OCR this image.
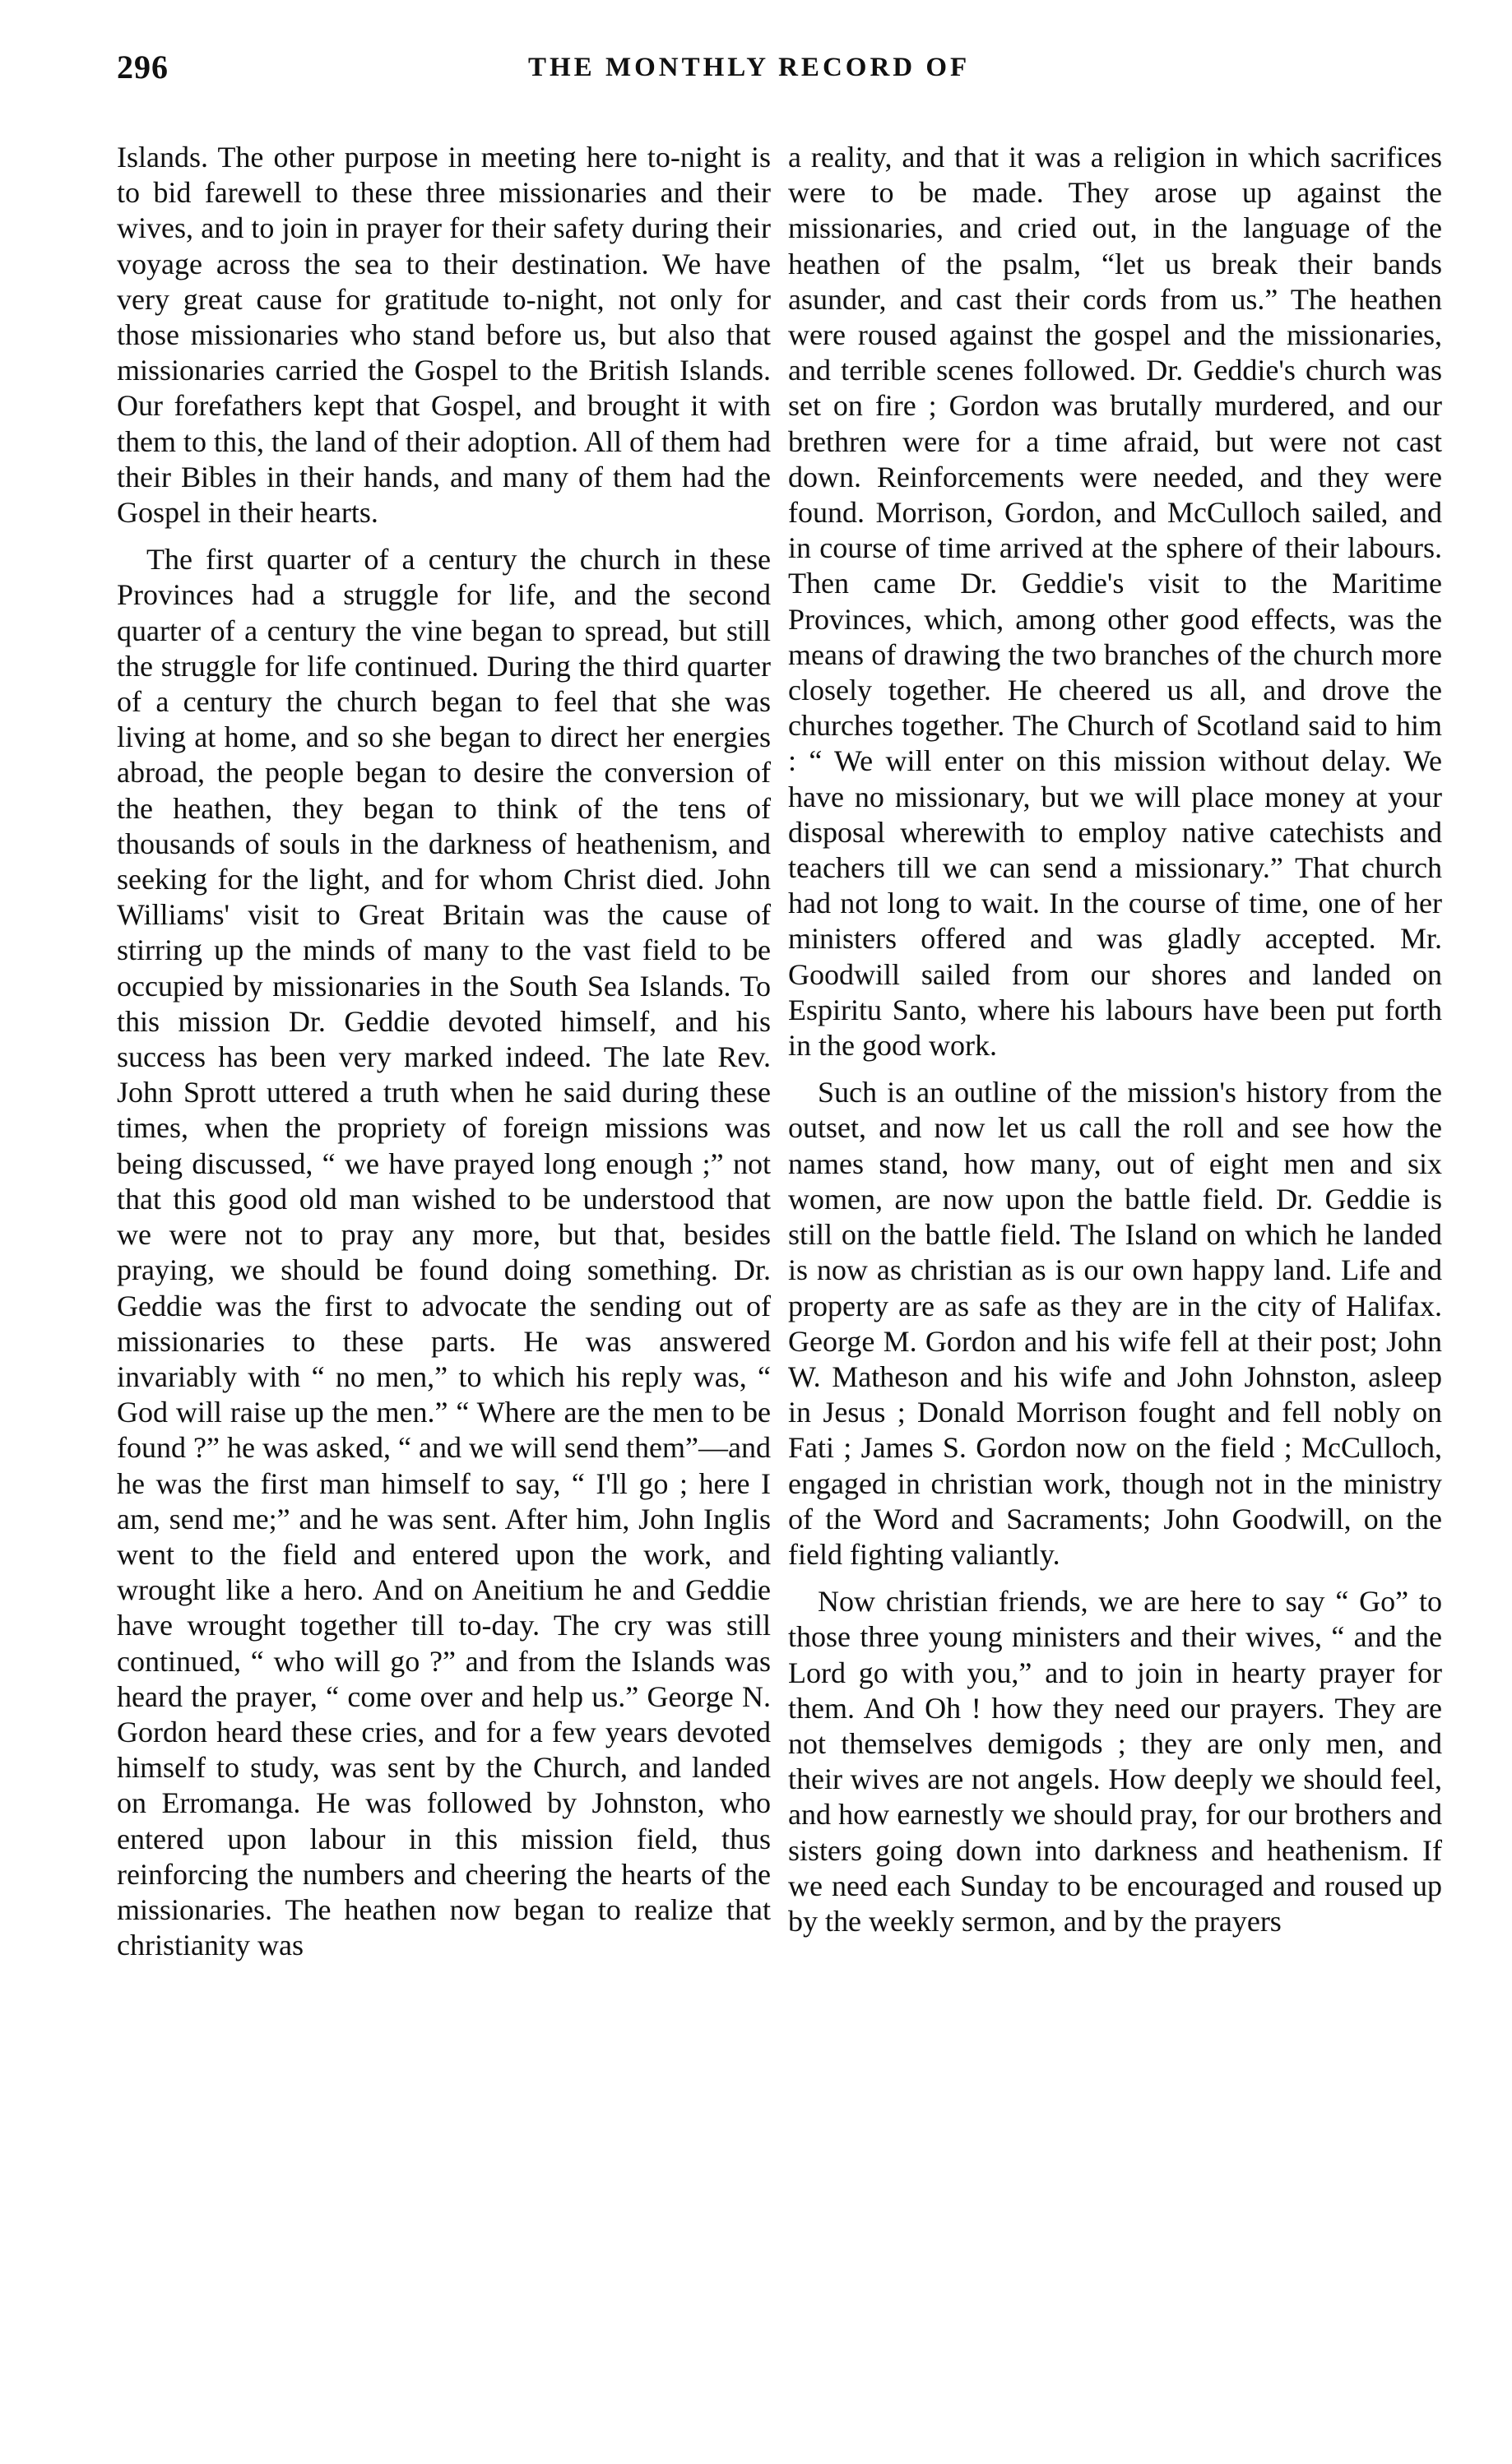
296	THE MONTHLY RECORD OF

Islands. The other purpose in meeting here to-night is to bid farewell to these three missionaries and their wives, and to join in prayer for their safety during their voyage across the sea to their destination. We have very great cause for gratitude to-night, not only for those missionaries who stand before us, but also that missionaries carried the Gospel to the British Islands. Our forefathers kept that Gospel, and brought it with them to this, the land of their adoption. All of them had their Bibles in their hands, and many of them had the Gospel in their hearts.

The first quarter of a century the church in these Provinces had a struggle for life, and the second quarter of a century the vine began to spread, but still the struggle for life continued. During the third quarter of a century the church began to feel that she was living at home, and so she began to direct her energies abroad, the people began to desire the conversion of the heathen, they began to think of the tens of thousands of souls in the darkness of heathenism, and seeking for the light, and for whom Christ died. John Williams' visit to Great Britain was the cause of stirring up the minds of many to the vast field to be occupied by missionaries in the South Sea Islands. To this mission Dr. Geddie devoted himself, and his success has been very marked indeed. The late Rev. John Sprott uttered a truth when he said during these times, when the propriety of foreign missions was being discussed, “ we have prayed long enough ;” not that this good old man wished to be understood that we were not to pray any more, but that, besides praying, we should be found doing something. Dr. Geddie was the first to advocate the sending out of missionaries to these parts. He was answered invariably with “ no men,” to which his reply was, “ God will raise up the men.” “ Where are the men to be found ?” he was asked, “ and we will send them”—and he was the first man himself to say, “ I'll go ; here I am, send me;” and he was sent. After him, John Inglis went to the field and entered upon the work, and wrought like a hero. And on Aneitium he and Geddie have wrought together till to-day. The cry was still continued, “ who will go ?” and from the Islands was heard the prayer, “ come over and help us.” George N. Gordon heard these cries, and for a few years devoted himself to study, was sent by the Church, and landed on Erromanga. He was followed by Johnston, who entered upon labour in this mission field, thus reinforcing the numbers and cheering the hearts of the missionaries. The heathen now began to realize that christianity was

a reality, and that it was a religion in which sacrifices were to be made. They arose up against the missionaries, and cried out, in the language of the heathen of the psalm, “let us break their bands asunder, and cast their cords from us.” The heathen were roused against the gospel and the missionaries, and terrible scenes followed. Dr. Geddie's church was set on fire ; Gordon was brutally murdered, and our brethren were for a time afraid, but were not cast down. Reinforcements were needed, and they were found. Morrison, Gordon, and McCulloch sailed, and in course of time arrived at the sphere of their labours. Then came Dr. Geddie's visit to the Maritime Provinces, which, among other good effects, was the means of drawing the two branches of the church more closely together. He cheered us all, and drove the churches together. The Church of Scotland said to him : “ We will enter on this mission without delay. We have no missionary, but we will place money at your disposal wherewith to employ native catechists and teachers till we can send a missionary.” That church had not long to wait. In the course of time, one of her ministers offered and was gladly accepted. Mr. Goodwill sailed from our shores and landed on Espiritu Santo, where his labours have been put forth in the good work.

Such is an outline of the mission's history from the outset, and now let us call the roll and see how the names stand, how many, out of eight men and six women, are now upon the battle field. Dr. Geddie is still on the battle field. The Island on which he landed is now as christian as is our own happy land. Life and property are as safe as they are in the city of Halifax. George M. Gordon and his wife fell at their post; John W. Matheson and his wife and John Johnston, asleep in Jesus ; Donald Morrison fought and fell nobly on Fati ; James S. Gordon now on the field ; McCulloch, engaged in christian work, though not in the ministry of the Word and Sacraments; John Goodwill, on the field fighting valiantly.

Now christian friends, we are here to say “ Go” to those three young ministers and their wives, “ and the Lord go with you,” and to join in hearty prayer for them. And Oh ! how they need our prayers. They are not themselves demigods ; they are only men, and their wives are not angels. How deeply we should feel, and how earnestly we should pray, for our brothers and sisters going down into darkness and heathenism. If we need each Sunday to be encouraged and roused up by the weekly sermon, and by the prayers
